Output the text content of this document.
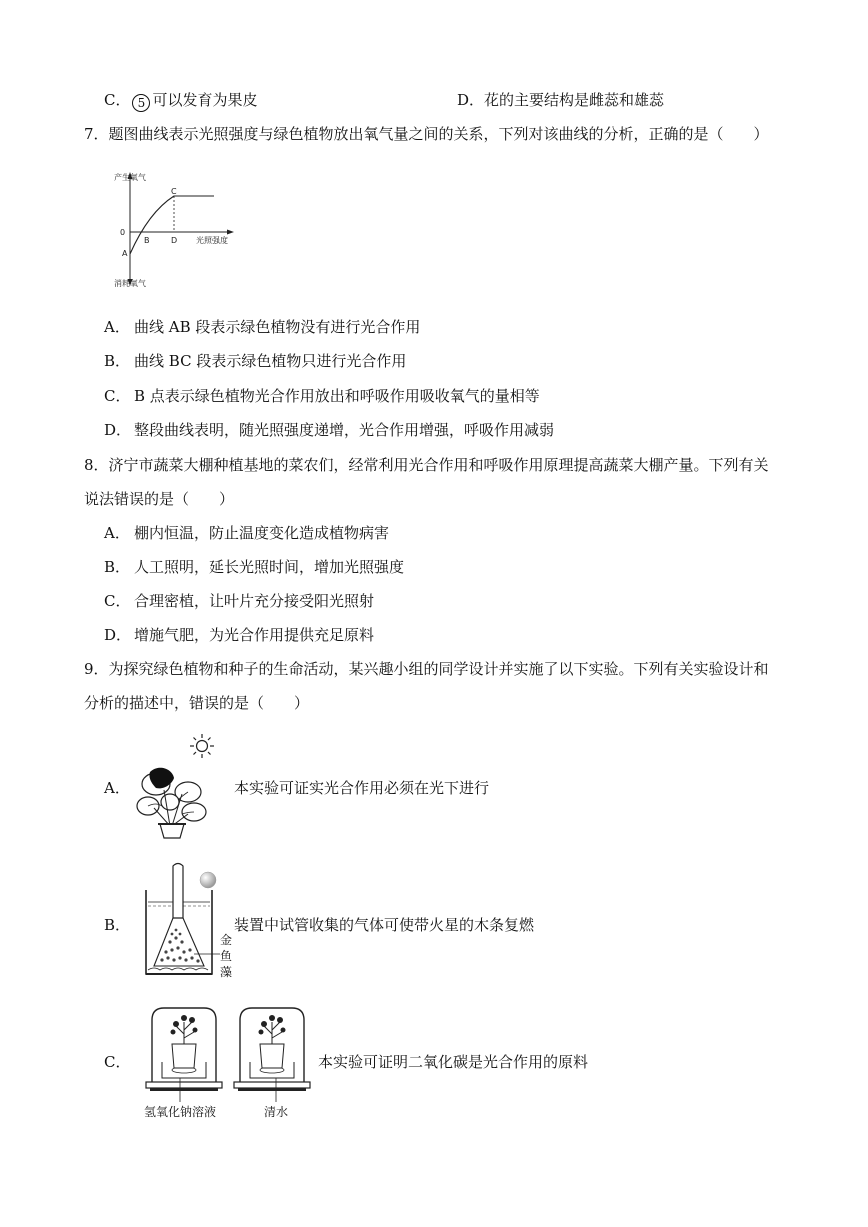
C． 5 可以发育为果皮	D．花的主要结构是雌蕊和雄蕊
7．题图曲线表示光照强度与绿色植物放出氧气量之间的关系，下列对该曲线的分析，正确的是（　　）
产生氧气
消耗氧气
光照强度
0
A
B
C
D
A． 曲线 AB 段表示绿色植物没有进行光合作用
B． 曲线 BC 段表示绿色植物只进行光合作用
C． B 点表示绿色植物光合作用放出和呼吸作用吸收氧气的量相等
D． 整段曲线表明，随光照强度递增，光合作用增强，呼吸作用减弱
8．济宁市蔬菜大棚种植基地的菜农们，经常利用光合作用和呼吸作用原理提高蔬菜大棚产量。下列有关
说法错误的是（　　）
A． 棚内恒温，防止温度变化造成植物病害
B． 人工照明，延长光照时间，增加光照强度
C． 合理密植，让叶片充分接受阳光照射
D． 增施气肥，为光合作用提供充足原料
9．为探究绿色植物和种子的生命活动，某兴趣小组的同学设计并实施了以下实验。下列有关实验设计和
分析的描述中，错误的是（　　）
A．	本实验可证实光合作用必须在光下进行
B．
金
鱼
藻
装置中试管收集的气体可使带火星的木条复燃
C．
氢氧化钠溶液	清水
本实验可证明二氧化碳是光合作用的原料
